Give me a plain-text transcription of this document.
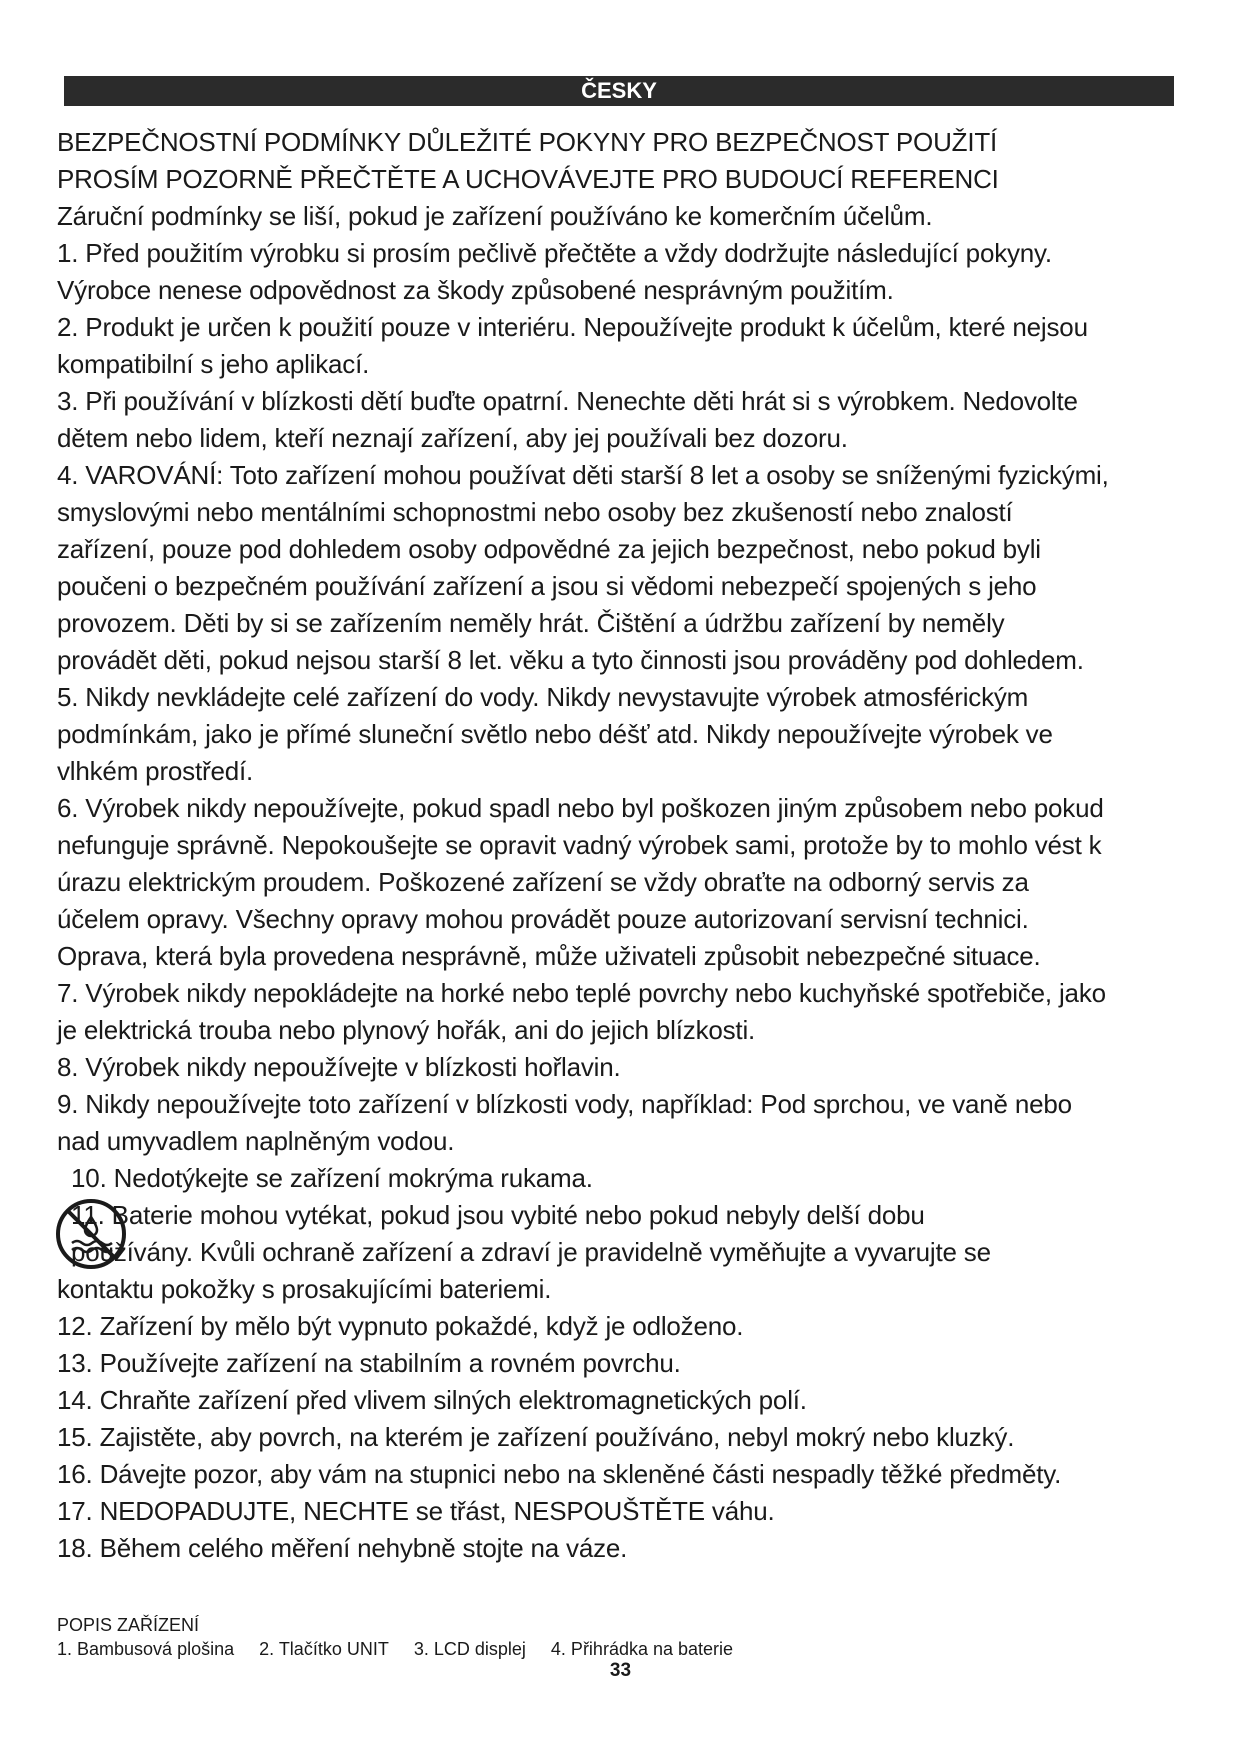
ČESKY
BEZPEČNOSTNÍ PODMÍNKY DŮLEŽITÉ POKYNY PRO BEZPEČNOST POUŽITÍ
PROSÍM POZORNĚ PŘEČTĚTE A UCHOVÁVEJTE PRO BUDOUCÍ REFERENCI
Záruční podmínky se liší, pokud je zařízení používáno ke komerčním účelům.
1. Před použitím výrobku si prosím pečlivě přečtěte a vždy dodržujte následující pokyny.
Výrobce nenese odpovědnost za škody způsobené nesprávným použitím.
2. Produkt je určen k použití pouze v interiéru. Nepoužívejte produkt k účelům, které nejsou
kompatibilní s jeho aplikací.
3. Při používání v blízkosti dětí buďte opatrní. Nenechte děti hrát si s výrobkem. Nedovolte
dětem nebo lidem, kteří neznají zařízení, aby jej používali bez dozoru.
4. VAROVÁNÍ: Toto zařízení mohou používat děti starší 8 let a osoby se sníženými fyzickými,
smyslovými nebo mentálními schopnostmi nebo osoby bez zkušeností nebo znalostí
zařízení, pouze pod dohledem osoby odpovědné za jejich bezpečnost, nebo pokud byli
poučeni o bezpečném používání zařízení a jsou si vědomi nebezpečí spojených s jeho
provozem. Děti by si se zařízením neměly hrát. Čištění a údržbu zařízení by neměly
provádět děti, pokud nejsou starší 8 let. věku a tyto činnosti jsou prováděny pod dohledem.
5. Nikdy nevkládejte celé zařízení do vody. Nikdy nevystavujte výrobek atmosférickým
podmínkám, jako je přímé sluneční světlo nebo déšť atd. Nikdy nepoužívejte výrobek ve
vlhkém prostředí.
6. Výrobek nikdy nepoužívejte, pokud spadl nebo byl poškozen jiným způsobem nebo pokud
nefunguje správně. Nepokoušejte se opravit vadný výrobek sami, protože by to mohlo vést k
úrazu elektrickým proudem. Poškozené zařízení se vždy obraťte na odborný servis za
účelem opravy. Všechny opravy mohou provádět pouze autorizovaní servisní technici.
Oprava, která byla provedena nesprávně, může uživateli způsobit nebezpečné situace.
7. Výrobek nikdy nepokládejte na horké nebo teplé povrchy nebo kuchyňské spotřebiče, jako
je elektrická trouba nebo plynový hořák, ani do jejich blízkosti.
8. Výrobek nikdy nepoužívejte v blízkosti hořlavin.
9. Nikdy nepoužívejte toto zařízení v blízkosti vody, například: Pod sprchou, ve vaně nebo
nad umyvadlem naplněným vodou.
10. Nedotýkejte se zařízení mokrýma rukama.
11. Baterie mohou vytékat, pokud jsou vybité nebo pokud nebyly delší dobu
používány. Kvůli ochraně zařízení a zdraví je pravidelně vyměňujte a vyvarujte se
kontaktu pokožky s prosakujícími bateriemi.
12. Zařízení by mělo být vypnuto pokaždé, když je odloženo.
13. Používejte zařízení na stabilním a rovném povrchu.
14. Chraňte zařízení před vlivem silných elektromagnetických polí.
15. Zajistěte, aby povrch, na kterém je zařízení používáno, nebyl mokrý nebo kluzký.
16. Dávejte pozor, aby vám na stupnici nebo na skleněné části nespadly těžké předměty.
17. NEDOPADUJTE, NECHTE se třást, NESPOUŠTĚTE váhu.
18. Během celého měření nehybně stojte na váze.
POPIS ZAŘÍZENÍ
1. Bambusová plošina 2. Tlačítko UNIT 3. LCD displej 4. Přihrádka na baterie
33
